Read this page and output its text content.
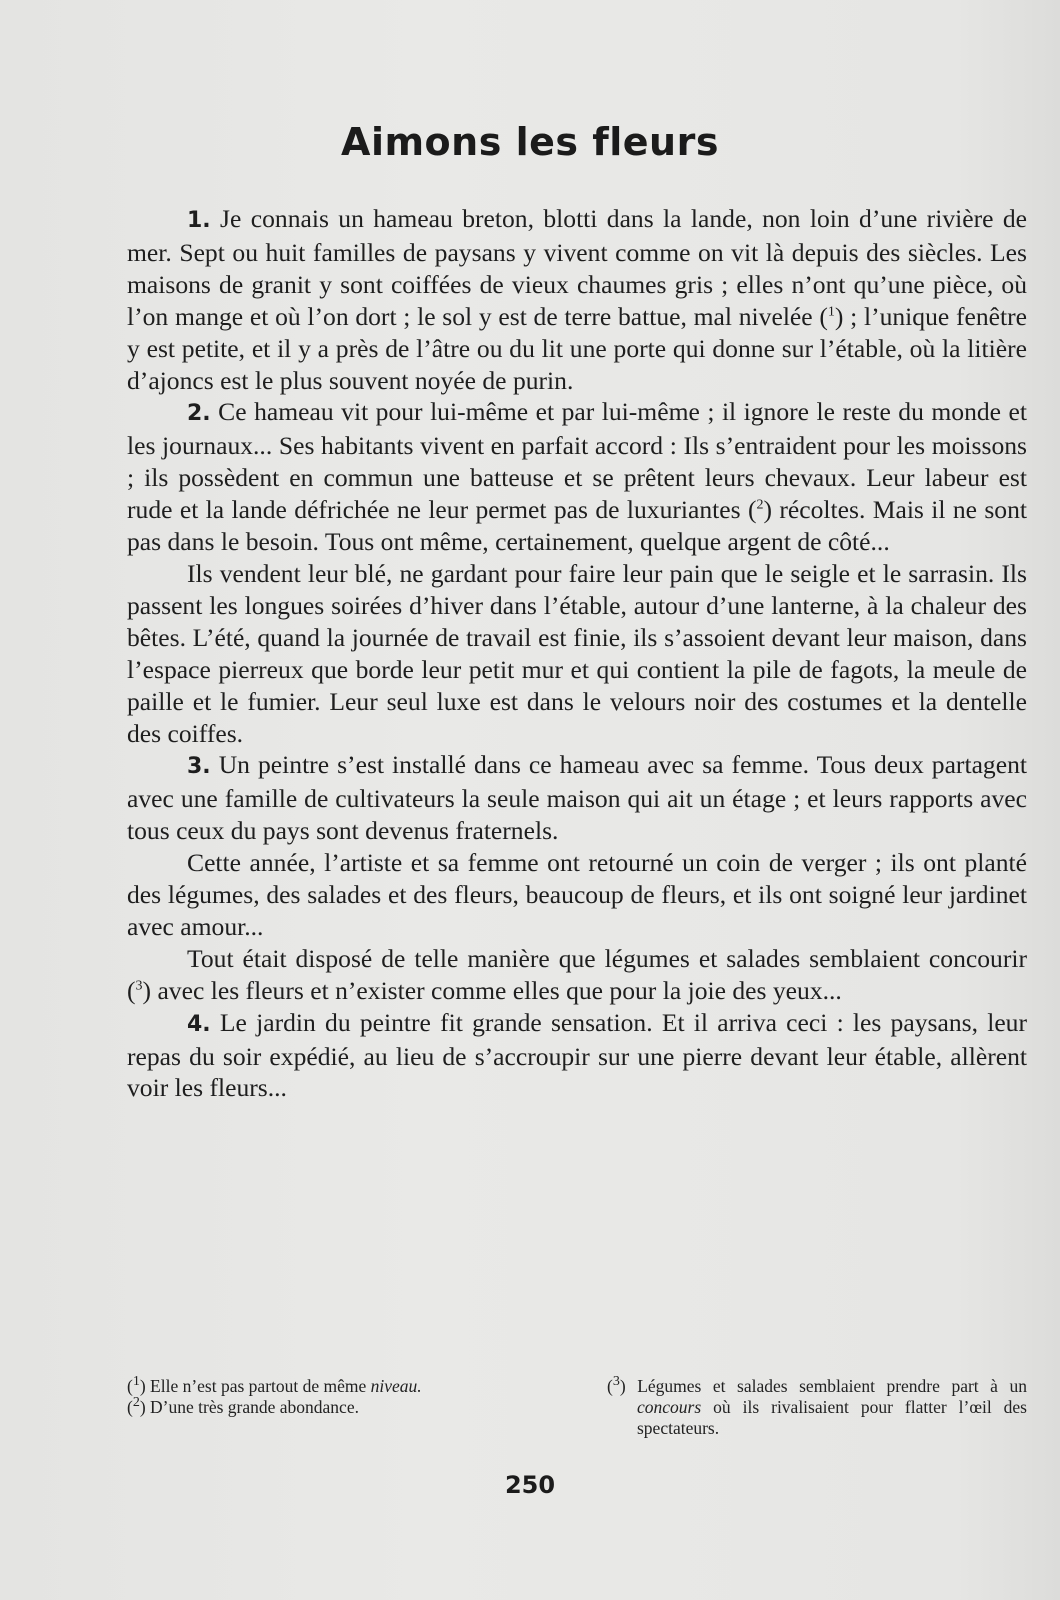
Aimons les fleurs

1. Je connais un hameau breton, blotti dans la lande, non loin d’une rivière de mer. Sept ou huit familles de paysans y vivent comme on vit là depuis des siècles. Les maisons de granit y sont coiffées de vieux chaumes gris ; elles n’ont qu’une pièce, où l’on mange et où l’on dort ; le sol y est de terre battue, mal nivelée ($^1$) ; l’unique fenêtre y est petite, et il y a près de l’âtre ou du lit une porte qui donne sur l’étable, où la litière d’ajoncs est le plus souvent noyée de purin.

2. Ce hameau vit pour lui-même et par lui-même ; il ignore le reste du monde et les journaux... Ses habitants vivent en parfait accord : Ils s’entraident pour les moissons ; ils possèdent en commun une batteuse et se prêtent leurs chevaux. Leur labeur est rude et la lande défrichée ne leur permet pas de luxuriantes ($^2$) récoltes. Mais il ne sont pas dans le besoin. Tous ont même, certainement, quelque argent de côté...

Ils vendent leur blé, ne gardant pour faire leur pain que le seigle et le sarrasin. Ils passent les longues soirées d’hiver dans l’étable, autour d’une lanterne, à la chaleur des bêtes. L’été, quand la journée de travail est finie, ils s’assoient devant leur maison, dans l’espace pierreux que borde leur petit mur et qui contient la pile de fagots, la meule de paille et le fumier. Leur seul luxe est dans le velours noir des costumes et la dentelle des coiffes.

3. Un peintre s’est installé dans ce hameau avec sa femme. Tous deux partagent avec une famille de cultivateurs la seule maison qui ait un étage ; et leurs rapports avec tous ceux du pays sont devenus fraternels.

Cette année, l’artiste et sa femme ont retourné un coin de verger ; ils ont planté des légumes, des salades et des fleurs, beaucoup de fleurs, et ils ont soigné leur jardinet avec amour...

Tout était disposé de telle manière que légumes et salades semblaient concourir ($^3$) avec les fleurs et n’exister comme elles que pour la joie des yeux...

4. Le jardin du peintre fit grande sensation. Et il arriva ceci : les paysans, leur repas du soir expédié, au lieu de s’accroupir sur une pierre devant leur étable, allèrent voir les fleurs...

($^1$) Elle n’est pas partout de même niveau.

($^2$) D’une très grande abondance.

($^3$) Légumes et salades semblaient prendre part à un concours où ils rivalisaient pour flatter l’œil des spectateurs.

250
